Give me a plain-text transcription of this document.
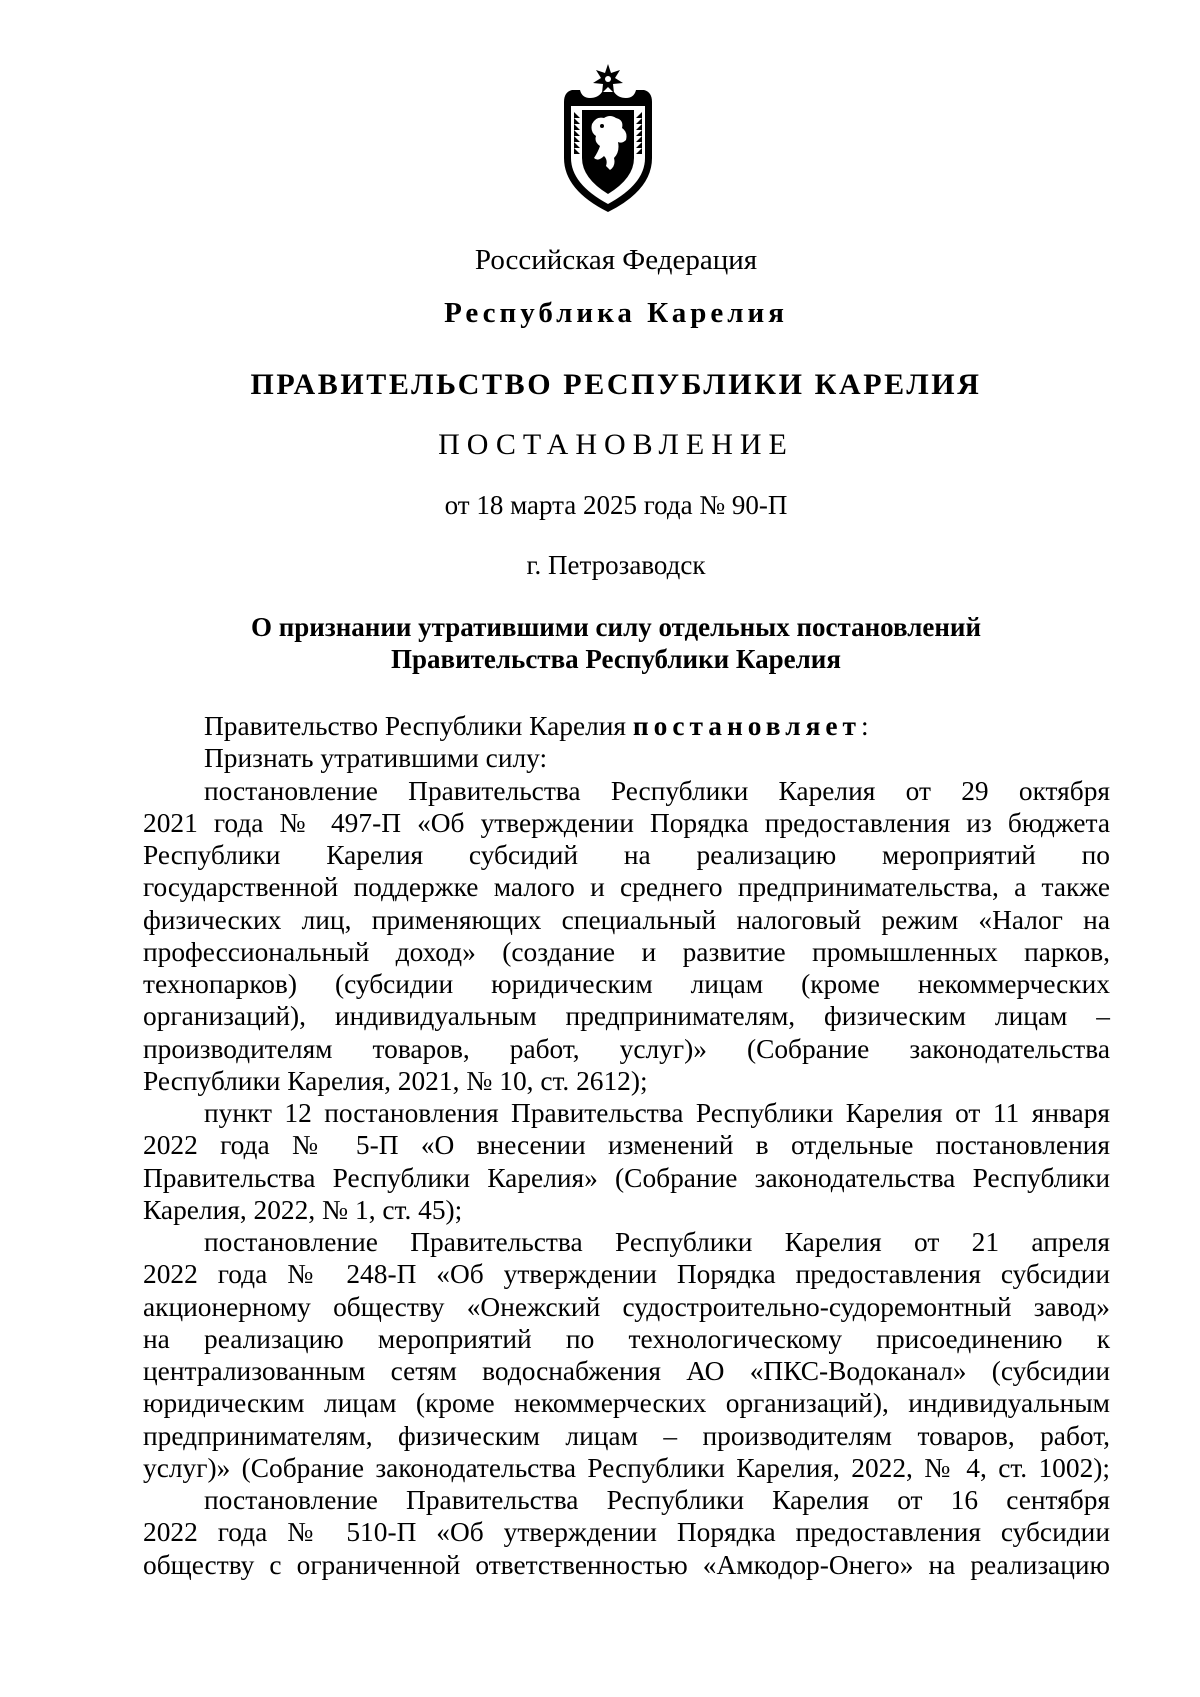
Российская Федерация
Республика Карелия
ПРАВИТЕЛЬСТВО РЕСПУБЛИКИ КАРЕЛИЯ
ПОСТАНОВЛЕНИЕ
от 18 марта 2025 года № 90-П
г. Петрозаводск
О признании утратившими силу отдельных постановлений
Правительства Республики Карелия
Правительство Республики Карелия постановляет:
Признать утратившими силу:
постановление Правительства Республики Карелия от 29 октября
2021 года № 497-П «Об утверждении Порядка предоставления из бюджета
Республики Карелия субсидий на реализацию мероприятий по
государственной поддержке малого и среднего предпринимательства, а также
физических лиц, применяющих специальный налоговый режим «Налог на
профессиональный доход» (создание и развитие промышленных парков,
технопарков) (субсидии юридическим лицам (кроме некоммерческих
организаций), индивидуальным предпринимателям, физическим лицам –
производителям товаров, работ, услуг)» (Собрание законодательства
Республики Карелия, 2021, № 10, ст. 2612);
пункт 12 постановления Правительства Республики Карелия от 11 января
2022 года № 5-П «О внесении изменений в отдельные постановления
Правительства Республики Карелия» (Собрание законодательства Республики
Карелия, 2022, № 1, ст. 45);
постановление Правительства Республики Карелия от 21 апреля
2022 года № 248-П «Об утверждении Порядка предоставления субсидии
акционерному обществу «Онежский судостроительно-судоремонтный завод»
на реализацию мероприятий по технологическому присоединению к
централизованным сетям водоснабжения АО «ПКС-Водоканал» (субсидии
юридическим лицам (кроме некоммерческих организаций), индивидуальным
предпринимателям, физическим лицам – производителям товаров, работ,
услуг)» (Собрание законодательства Республики Карелия, 2022, № 4, ст. 1002);
постановление Правительства Республики Карелия от 16 сентября
2022 года № 510-П «Об утверждении Порядка предоставления субсидии
обществу с ограниченной ответственностью «Амкодор-Онего» на реализацию
